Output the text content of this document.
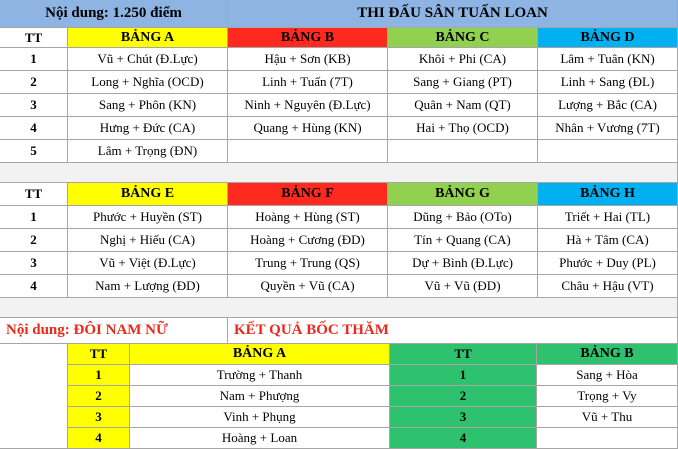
Nội dung: 1.250 điểm	THI ĐẤU SÂN TUẤN LOAN
TT	BẢNG A	BẢNG B	BẢNG C	BẢNG D
1	Vũ + Chút (Đ.Lực)	Hậu + Sơn (KB)	Khôi + Phi (CA)	Lâm + Tuân (KN)
2	Long + Nghĩa (OCD)	Linh + Tuấn (7T)	Sang + Giang (PT)	Linh + Sang (ĐL)
3	Sang + Phôn (KN)	Ninh + Nguyên (Đ.Lực)	Quân + Nam (QT)	Lượng + Bắc (CA)
4	Hưng + Đức (CA)	Quang + Hùng (KN)	Hai + Thọ (OCD)	Nhân + Vương (7T)
5	Lâm + Trọng (ĐN)
TT	BẢNG E	BẢNG F	BẢNG G	BẢNG H
1	Phước + Huyền (ST)	Hoàng + Hùng (ST)	Dũng + Bảo (OTo)	Triết + Hai (TL)
2	Nghị + Hiếu (CA)	Hoàng + Cương (ĐD)	Tín + Quang (CA)	Hà + Tâm (CA)
3	Vũ + Việt (Đ.Lực)	Trung + Trung (QS)	Dự + Bình (Đ.Lực)	Phước + Duy (PL)
4	Nam + Lượng (ĐD)	Quyền + Vũ (CA)	Vũ + Vũ (ĐD)	Châu + Hậu (VT)
Nội dung: ĐÔI NAM NỮ	KẾT QUẢ BỐC THĂM
TT	BẢNG A	TT	BẢNG B
1	Trường + Thanh	1	Sang + Hòa
2	Nam + Phượng	2	Trọng + Vy
3	Vinh + Phụng	3	Vũ + Thu
4	Hoàng + Loan	4
